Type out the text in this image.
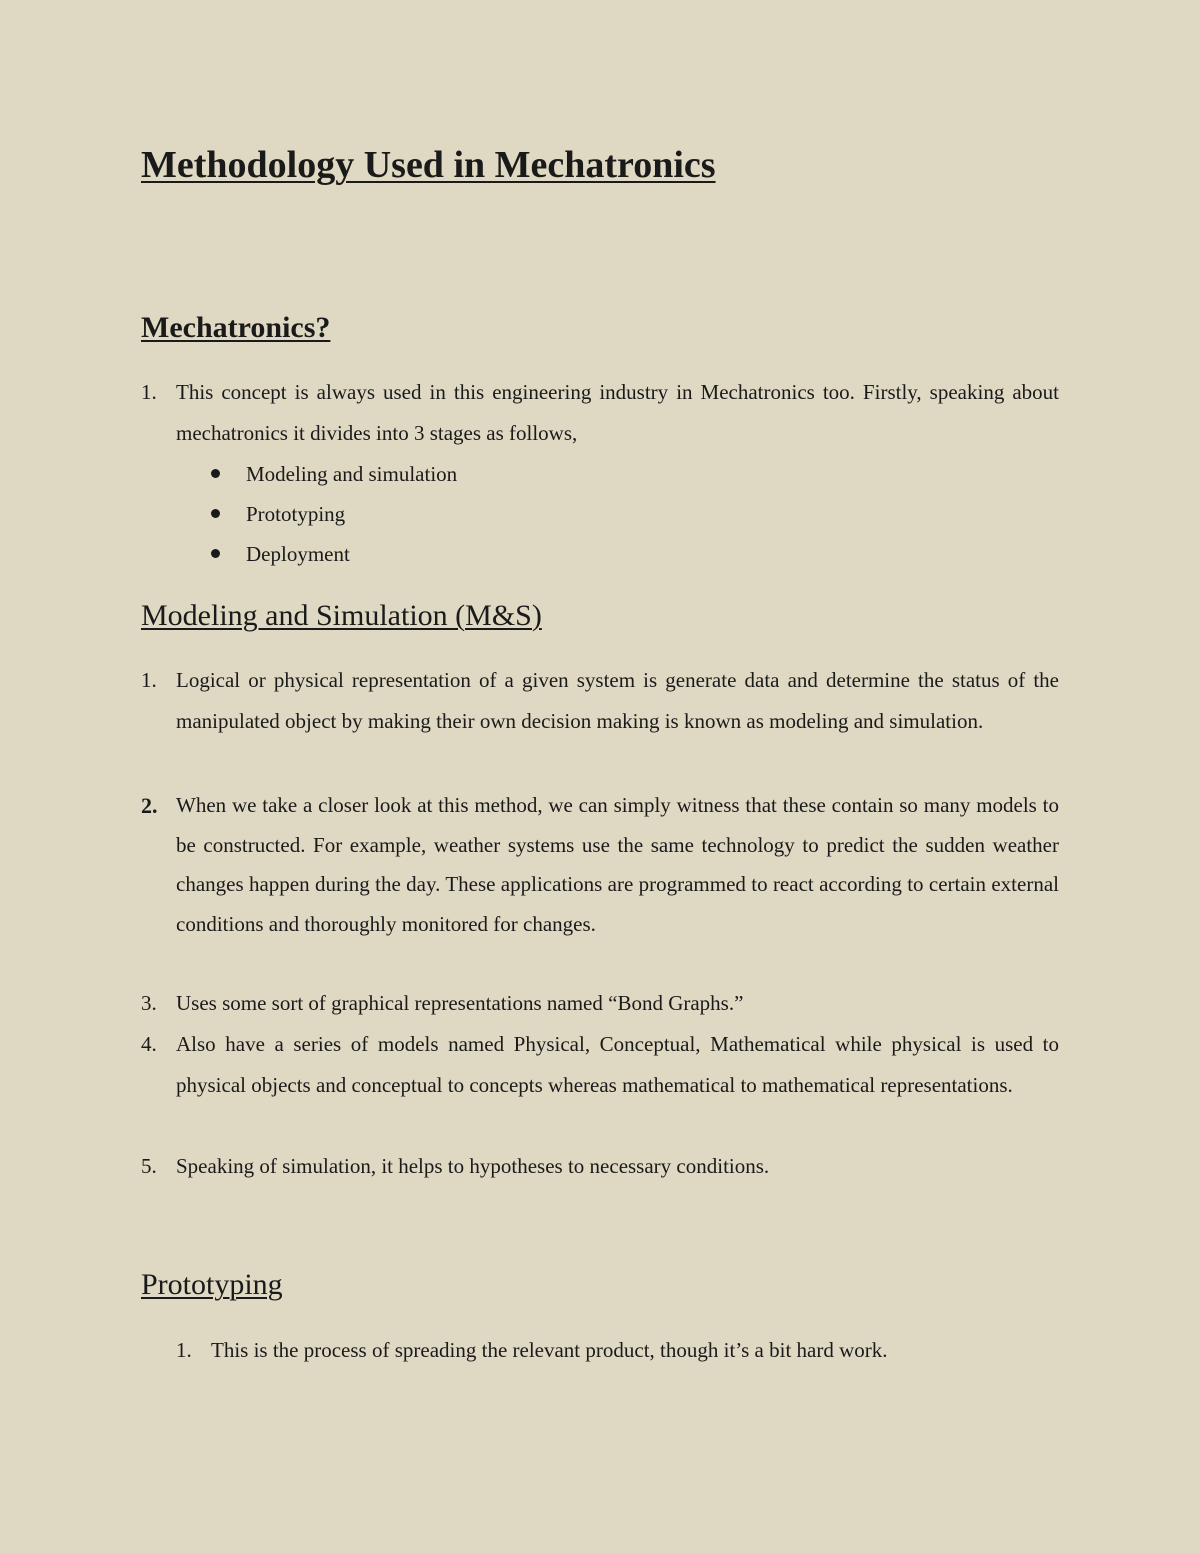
Methodology Used in Mechatronics
Mechatronics?
1. This concept is always used in this engineering industry in Mechatronics too. Firstly, speaking about mechatronics it divides into 3 stages as follows,
Modeling and simulation
Prototyping
Deployment
Modeling and Simulation (M&S)
1. Logical or physical representation of a given system is generate data and determine the status of the manipulated object by making their own decision making is known as modeling and simulation.
2. When we take a closer look at this method, we can simply witness that these contain so many models to be constructed. For example, weather systems use the same technology to predict the sudden weather changes happen during the day. These applications are programmed to react according to certain external conditions and thoroughly monitored for changes.
3. Uses some sort of graphical representations named “Bond Graphs.”
4. Also have a series of models named Physical, Conceptual, Mathematical while physical is used to physical objects and conceptual to concepts whereas mathematical to mathematical representations.
5. Speaking of simulation, it helps to hypotheses to necessary conditions.
Prototyping
1. This is the process of spreading the relevant product, though it’s a bit hard work.
